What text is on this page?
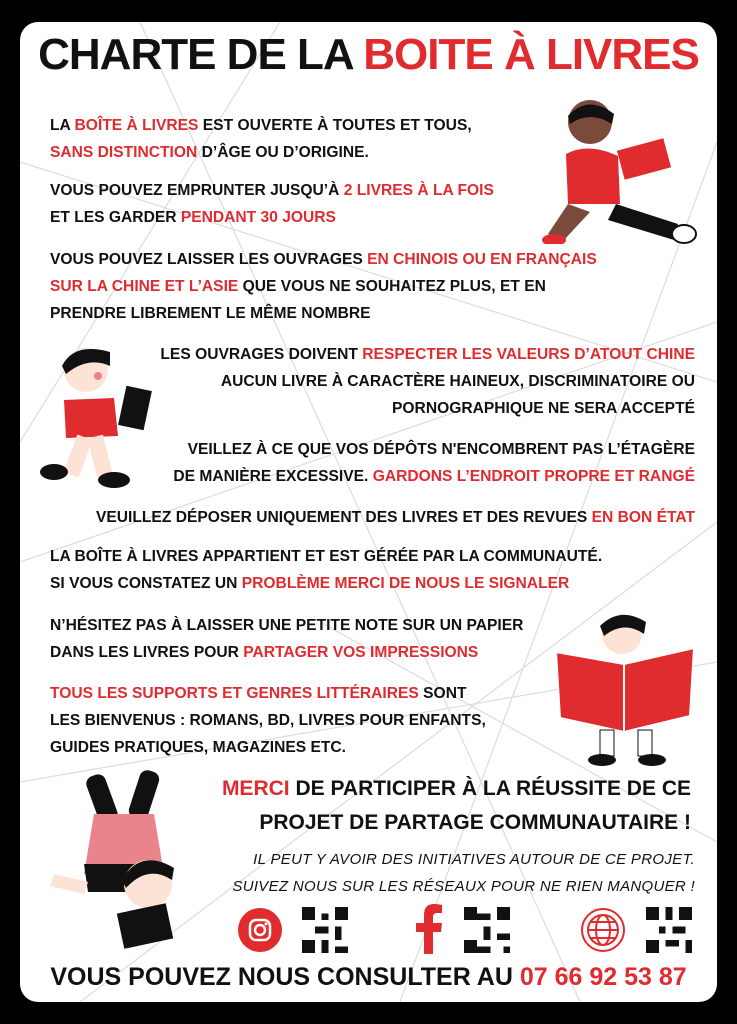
CHARTE DE LA BOITE À LIVRES
LA BOÎTE À LIVRES EST OUVERTE À TOUTES ET TOUS,
SANS DISTINCTION D’ÂGE OU D’ORIGINE.
VOUS POUVEZ EMPRUNTER JUSQU’À 2 LIVRES À LA FOIS
ET LES GARDER PENDANT 30 JOURS
VOUS POUVEZ LAISSER LES OUVRAGES EN CHINOIS OU EN FRANÇAIS
SUR LA CHINE ET L’ASIE QUE VOUS NE SOUHAITEZ PLUS, ET EN
PRENDRE LIBREMENT LE MÊME NOMBRE
LES OUVRAGES DOIVENT RESPECTER LES VALEURS D’ATOUT CHINE
AUCUN LIVRE À CARACTÈRE HAINEUX, DISCRIMINATOIRE OU
PORNOGRAPHIQUE NE SERA ACCEPTÉ
VEILLEZ À CE QUE VOS DÉPÔTS N'ENCOMBRENT PAS L’ÉTAGÈRE
DE MANIÈRE EXCESSIVE. GARDONS L’ENDROIT PROPRE ET RANGÉ
VEUILLEZ DÉPOSER UNIQUEMENT DES LIVRES ET DES REVUES EN BON ÉTAT
LA BOÎTE À LIVRES APPARTIENT ET EST GÉRÉE PAR LA COMMUNAUTÉ.
SI VOUS CONSTATEZ UN PROBLÈME MERCI DE NOUS LE SIGNALER
N’HÉSITEZ PAS À LAISSER UNE PETITE NOTE SUR UN PAPIER
DANS LES LIVRES POUR PARTAGER VOS IMPRESSIONS
TOUS LES SUPPORTS ET GENRES LITTÉRAIRES SONT
LES BIENVENUS : ROMANS, BD, LIVRES POUR ENFANTS,
GUIDES PRATIQUES, MAGAZINES ETC.
MERCI DE PARTICIPER À LA RÉUSSITE DE CE
PROJET DE PARTAGE COMMUNAUTAIRE !
IL PEUT Y AVOIR DES INITIATIVES AUTOUR DE CE PROJET.
SUIVEZ NOUS SUR LES RÉSEAUX POUR NE RIEN MANQUER !
VOUS POUVEZ NOUS CONSULTER AU 07 66 92 53 87
